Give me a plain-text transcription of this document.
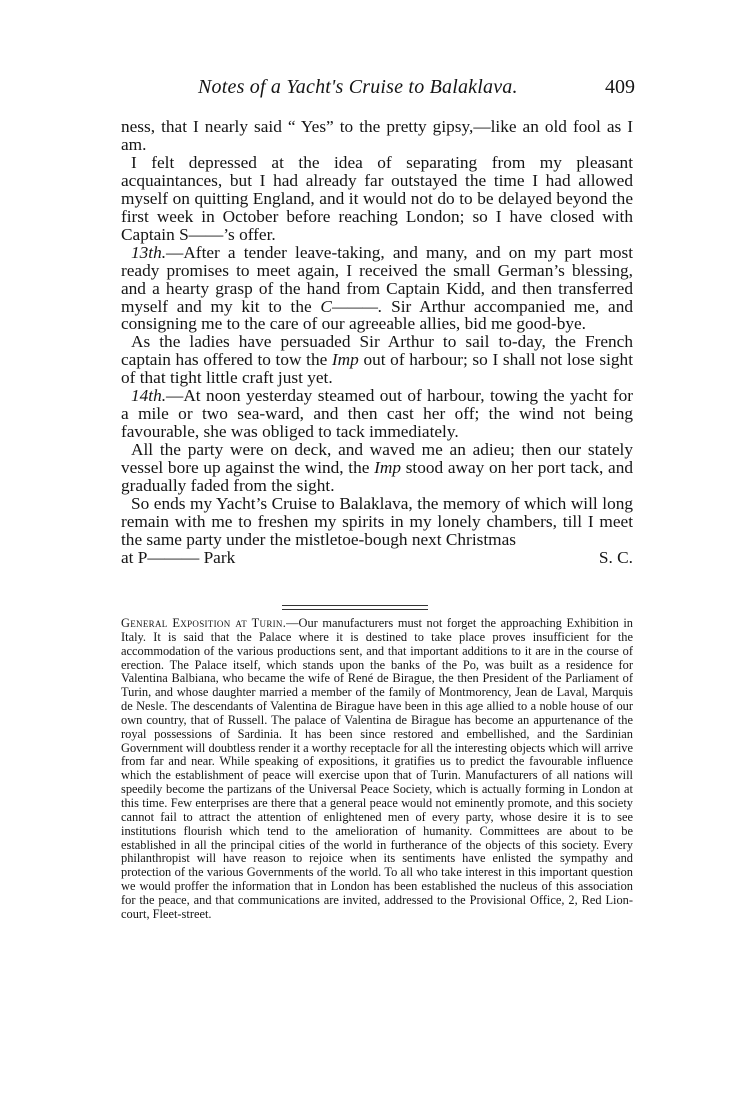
Notes of a Yacht's Cruise to Balaklava.	409

ness, that I nearly said “ Yes” to the pretty gipsy,—like an old fool as I am.

I felt depressed at the idea of separating from my pleasant acquaintances, but I had already far outstayed the time I had allowed myself on quitting England, and it would not do to be delayed beyond the first week in October before reaching London; so I have closed with Captain S——’s offer.

13th.—After a tender leave-taking, and many, and on my part most ready promises to meet again, I received the small German’s blessing, and a hearty grasp of the hand from Captain Kidd, and then transferred myself and my kit to the C———. Sir Arthur accompanied me, and consigning me to the care of our agreeable allies, bid me good-bye.

As the ladies have persuaded Sir Arthur to sail to-day, the French captain has offered to tow the Imp out of harbour; so I shall not lose sight of that tight little craft just yet.

14th.—At noon yesterday steamed out of harbour, towing the yacht for a mile or two sea-ward, and then cast her off; the wind not being favourable, she was obliged to tack immediately.

All the party were on deck, and waved me an adieu; then our stately vessel bore up against the wind, the Imp stood away on her port tack, and gradually faded from the sight.

So ends my Yacht’s Cruise to Balaklava, the memory of which will long remain with me to freshen my spirits in my lonely chambers, till I meet the same party under the mistletoe-bough next Christmas

at P——— Park	S. C.

General Exposition at Turin.—Our manufacturers must not forget the approaching Exhibition in Italy. It is said that the Palace where it is destined to take place proves insufficient for the accommodation of the various productions sent, and that important additions to it are in the course of erection. The Palace itself, which stands upon the banks of the Po, was built as a residence for Valentina Balbiana, who became the wife of René de Birague, the then President of the Parliament of Turin, and whose daughter married a member of the family of Montmorency, Jean de Laval, Marquis de Nesle. The descendants of Valentina de Birague have been in this age allied to a noble house of our own country, that of Russell. The palace of Valentina de Birague has become an appurtenance of the royal possessions of Sardinia. It has been since restored and embellished, and the Sardinian Government will doubtless render it a worthy receptacle for all the interesting objects which will arrive from far and near. While speaking of expositions, it gratifies us to predict the favourable influence which the establishment of peace will exercise upon that of Turin. Manufacturers of all nations will speedily become the partizans of the Universal Peace Society, which is actually forming in London at this time. Few enterprises are there that a general peace would not eminently promote, and this society cannot fail to attract the attention of enlightened men of every party, whose desire it is to see institutions flourish which tend to the amelioration of humanity. Committees are about to be established in all the principal cities of the world in furtherance of the objects of this society. Every philanthropist will have reason to rejoice when its sentiments have enlisted the sympathy and protection of the various Governments of the world. To all who take interest in this important question we would proffer the information that in London has been established the nucleus of this association for the peace, and that communications are invited, addressed to the Provisional Office, 2, Red Lion-court, Fleet-street.
